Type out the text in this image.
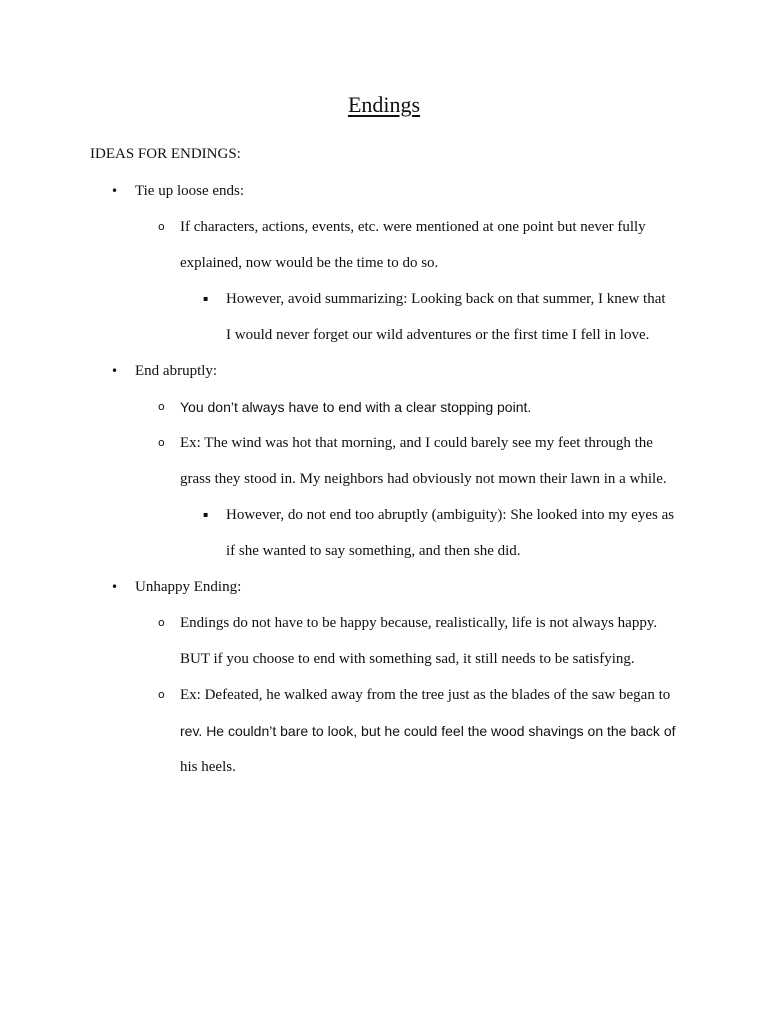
Endings
IDEAS FOR ENDINGS:
• Tie up loose ends:
o If characters, actions, events, etc. were mentioned at one point but never fully
explained, now would be the time to do so.
▪ However, avoid summarizing: Looking back on that summer, I knew that
I would never forget our wild adventures or the first time I fell in love.
• End abruptly:
o You don’t always have to end with a clear stopping point.
o Ex: The wind was hot that morning, and I could barely see my feet through the
grass they stood in. My neighbors had obviously not mown their lawn in a while.
▪ However, do not end too abruptly (ambiguity): She looked into my eyes as
if she wanted to say something, and then she did.
• Unhappy Ending:
o Endings do not have to be happy because, realistically, life is not always happy.
BUT if you choose to end with something sad, it still needs to be satisfying.
o Ex: Defeated, he walked away from the tree just as the blades of the saw began to
rev. He couldn’t bare to look, but he could feel the wood shavings on the back of
his heels.
